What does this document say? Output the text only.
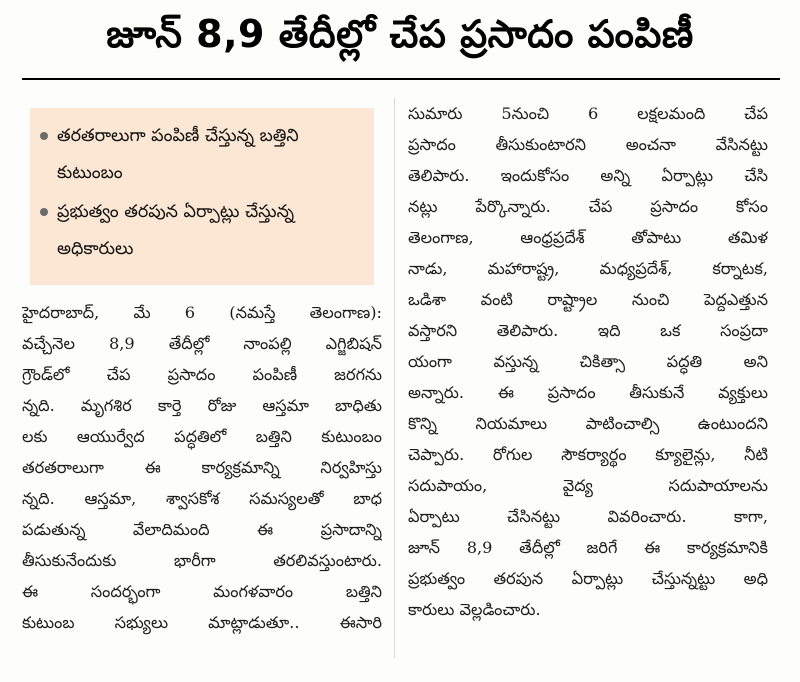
జూన్‌ 8,9 తేదీల్లో చేప ప్రసాదం పంపిణీ
తరతరాలుగా పంపిణీ చేస్తున్న బత్తిని కుటుంబం
ప్రభుత్వం తరపున ఏర్పాట్లు చేస్తున్న అధికారులు
హైదరాబాద్‌, మే 6 (నమస్తే తెలంగాణ):
వచ్చేనెల 8,9 తేదీల్లో నాంపల్లి ఎగ్జిబిషన్‌
గ్రౌండ్‌లో చేప ప్రసాదం పంపిణీ జరగను
న్నది. మృగశిర కార్తె రోజు ఆస్తమా బాధితు
లకు ఆయుర్వేద పద్ధతిలో బత్తిని కుటుంబం
తరతరాలుగా ఈ కార్యక్రమాన్ని నిర్వహిస్తు
న్నది. ఆస్తమా, శ్వాసకోశ సమస్యలతో బాధ
పడుతున్న వేలాదిమంది ఈ ప్రసాదాన్ని
తీసుకునేందుకు భారీగా తరలివస్తుంటారు.
ఈ సందర్భంగా మంగళవారం బత్తిని
కుటుంబ సభ్యులు మాట్లాడుతూ.. ఈసారి
సుమారు 5నుంచి 6 లక్షలమంది చేప
ప్రసాదం తీసుకుంటారని అంచనా వేసినట్టు
తెలిపారు. ఇందుకోసం అన్ని ఏర్పాట్లు చేసి
నట్లు పేర్కొన్నారు. చేప ప్రసాదం కోసం
తెలంగాణ, ఆంధ్రప్రదేశ్‌ తోపాటు తమిళ
నాడు, మహారాష్ట్ర, మధ్యప్రదేశ్‌, కర్నాటక,
ఒడిశా వంటి రాష్ట్రాల నుంచి పెద్దఎత్తున
వస్తారని తెలిపారు. ఇది ఒక సంప్రదా
యంగా వస్తున్న చికిత్సా పద్ధతి అని
అన్నారు. ఈ ప్రసాదం తీసుకునే వ్యక్తులు
కొన్ని నియమాలు పాటించాల్సి ఉంటుందని
చెప్పారు. రోగుల సౌకర్యార్థం క్యూలైన్లు, నీటి
సదుపాయం, వైద్య సదుపాయాలను
ఏర్పాటు చేసినట్టు వివరించారు. కాగా,
జూన్‌ 8,9 తేదీల్లో జరిగే ఈ కార్యక్రమానికి
ప్రభుత్వం తరపున ఏర్పాట్లు చేస్తున్నట్టు అధి
కారులు వెల్లడించారు.
